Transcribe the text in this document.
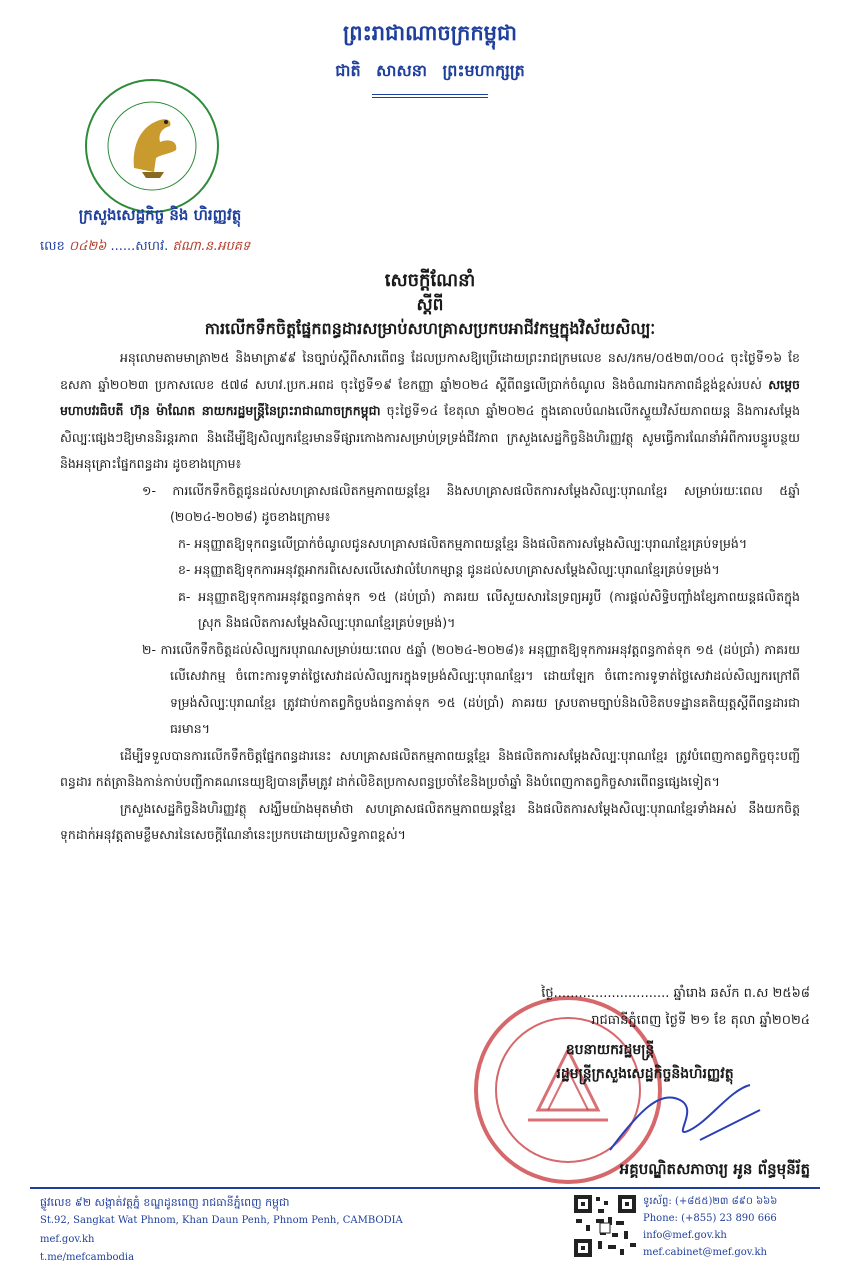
ព្រះរាជាណាចក្រកម្ពុជា
ជាតិ សាសនា ព្រះមហាក្សត្រ
ក្រសួងសេដ្ឋកិច្ច និង ហិរញ្ញវត្ថុ
លេខ ០៤២៦ ......សហវ. ឥណា.ន.អបគទ
សេចក្ដីណែនាំ
ស្ដីពី
ការលើកទឹកចិត្តផ្នែកពន្ធដារសម្រាប់សហគ្រាសប្រកបអាជីវកម្មក្នុងវិស័យសិល្បៈ

អនុលោមតាមមាត្រា២៥ និងមាត្រា៩៩ នៃច្បាប់ស្ដីពីសារពើពន្ធ ដែលប្រកាសឱ្យប្រើដោយព្រះរាជក្រមលេខ នស/រកម/០៥២៣/០០៤ ចុះថ្ងៃទី១៦ ខែឧសភា ឆ្នាំ២០២៣ ប្រកាសលេខ ៥៧៨ សហវ.ប្រក.អពដ ចុះថ្ងៃទី១៩ ខែកញ្ញា ឆ្នាំ២០២៤ ស្ដីពីពន្ធលើប្រាក់ចំណូល និងចំណារឯកភាពដ៏ខ្ពង់ខ្ពស់របស់ សម្ដេចមហាបវរធិបតី ហ៊ុន ម៉ាណែត នាយករដ្ឋមន្ត្រីនៃព្រះរាជាណាចក្រកម្ពុជា ចុះថ្ងៃទី១៤ ខែតុលា ឆ្នាំ២០២៤ ក្នុងគោលបំណងលើកស្ទួយវិស័យភាពយន្ត និងការសម្ដែងសិល្បៈផ្សេងៗឱ្យមាននិរន្តរភាព និងដើម្បីឱ្យសិល្បករខ្មែរមានទីផ្សារកោងការសម្រាប់ទ្រទ្រង់ជីវភាព ក្រសួងសេដ្ឋកិច្ចនិងហិរញ្ញវត្ថុ សូមធ្វើការណែនាំអំពីការបន្ធូរបន្ថយ និងអនុគ្រោះផ្នែកពន្ធដារ ដូចខាងក្រោម៖

១- ការលើកទឹកចិត្តជូនដល់សហគ្រាសផលិតកម្មភាពយន្តខ្មែរ និងសហគ្រាសផលិតការសម្ដែងសិល្បៈបុរាណខ្មែរ សម្រាប់រយៈពេល ៥ឆ្នាំ (២០២៤-២០២៨) ដូចខាងក្រោម៖

ក- អនុញ្ញាតឱ្យទុកពន្ធលើប្រាក់ចំណូលជូនសហគ្រាសផលិតកម្មភាពយន្តខ្មែរ និងផលិតការសម្ដែងសិល្បៈបុរាណខ្មែរគ្រប់ទម្រង់។

ខ- អនុញ្ញាតឱ្យទុកការអនុវត្តអាករពិសេសលើសេវាលំហែកម្សាន្ត ជូនដល់សហគ្រាសសម្ដែងសិល្បៈបុរាណខ្មែរគ្រប់ទម្រង់។

គ- អនុញ្ញាតឱ្យទុកការអនុវត្តពន្ធកាត់ទុក ១៥ (ដប់ប្រាំ) ភាគរយ លើសួយសារនៃទ្រព្យអរូបី (ការផ្ដល់សិទ្ធិបញ្ចាំងខ្សែភាពយន្តផលិតក្នុងស្រុក និងផលិតការសម្ដែងសិល្បៈបុរាណខ្មែរគ្រប់ទម្រង់)។

២- ការលើកទឹកចិត្តដល់សិល្បករបុរាណសម្រាប់រយៈពេល ៥ឆ្នាំ (២០២៤-២០២៨)៖ អនុញ្ញាតឱ្យទុកការអនុវត្តពន្ធកាត់ទុក ១៥ (ដប់ប្រាំ) ភាគរយ លើសេវាកម្ម ចំពោះការទូទាត់ថ្លៃសេវាដល់សិល្បករក្នុងទម្រង់សិល្បៈបុរាណខ្មែរ។ ដោយឡែក ចំពោះការទូទាត់ថ្លៃសេវាដល់សិល្បករក្រៅពីទម្រង់សិល្បៈបុរាណខ្មែរ ត្រូវជាប់កាតព្វកិច្ចបង់ពន្ធកាត់ទុក ១៥ (ដប់ប្រាំ) ភាគរយ ស្របតាមច្បាប់និងលិខិតបទដ្ឋានគតិយុត្តស្ដីពីពន្ធដារជាធរមាន។

ដើម្បីទទួលបានការលើកទឹកចិត្តផ្នែកពន្ធដារនេះ សហគ្រាសផលិតកម្មភាពយន្តខ្មែរ និងផលិតការសម្ដែងសិល្បៈបុរាណខ្មែរ ត្រូវបំពេញកាតព្វកិច្ចចុះបញ្ជីពន្ធដារ កត់ត្រានិងកាន់កាប់បញ្ជីកាគណនេយ្យឱ្យបានត្រឹមត្រូវ ដាក់លិខិតប្រកាសពន្ធប្រចាំខែនិងប្រចាំឆ្នាំ និងបំពេញកាតព្វកិច្ចសារពើពន្ធផ្សេងទៀត។

ក្រសួងសេដ្ឋកិច្ចនិងហិរញ្ញវត្ថុ សង្ឃឹមយ៉ាងមុតមាំថា សហគ្រាសផលិតកម្មភាពយន្តខ្មែរ និងផលិតការសម្ដែងសិល្បៈបុរាណខ្មែរទាំងអស់ នឹងយកចិត្តទុកដាក់អនុវត្តតាមខ្លឹមសារនៃសេចក្ដីណែនាំនេះប្រកបដោយប្រសិទ្ធភាពខ្ពស់។

ថ្ងៃ............................ ឆ្នាំរោង ឆស័ក ព.ស ២៥៦៨
រាជធានីភ្នំពេញ ថ្ងៃទី ២១ ខែ តុលា ឆ្នាំ២០២៤
ឧបនាយករដ្ឋមន្ត្រី
រដ្ឋមន្ត្រីក្រសួងសេដ្ឋកិច្ចនិងហិរញ្ញវត្ថុ
អគ្គបណ្ឌិតសភាចារ្យ អូន ព័ន្ធមុនីរ័ត្ន
ផ្លូវលេខ ៩២ សង្កាត់វត្តភ្នំ ខណ្ឌដូនពេញ រាជធានីភ្នំពេញ កម្ពុជា
St.92, Sangkat Wat Phnom, Khan Daun Penh, Phnom Penh, CAMBODIA
mef.gov.kh
t.me/mefcambodia
ទូរស័ព្ទ: (+៨៥៥)២៣ ៨៩០ ៦៦៦
Phone: (+855) 23 890 666
info@mef.gov.kh
mef.cabinet@mef.gov.kh
